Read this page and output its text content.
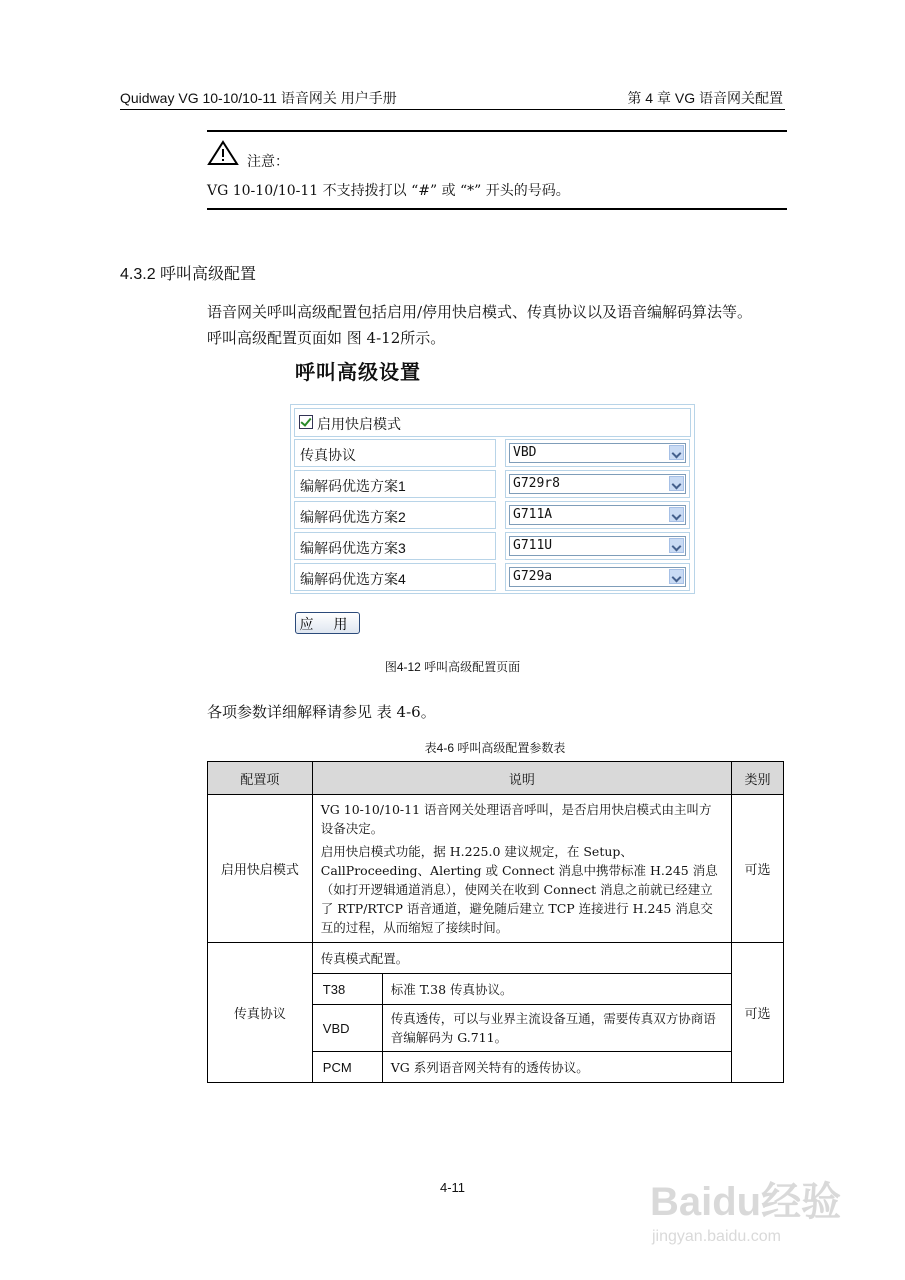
Quidway VG 10-10/10-11 语音网关 用户手册	第 4 章 VG 语音网关配置
注意：
VG 10-10/10-11 不支持拨打以 “#” 或 “*” 开头的号码。
4.3.2 呼叫高级配置
语音网关呼叫高级配置包括启用/停用快启模式、传真协议以及语音编解码算法等。
呼叫高级配置页面如 图 4-12所示。
呼叫高级设置
启用快启模式
传真协议	VBD
编解码优选方案1	G729r8
编解码优选方案2	G711A
编解码优选方案3	G711U
编解码优选方案4	G729a
应 用
图4-12 呼叫高级配置页面
各项参数详细解释请参见 表 4-6。
表4-6 呼叫高级配置参数表
配置项	说明		类别
启用快启模式	VG 10-10/10-11 语音网关处理语音呼叫，是否启用快启模式由主叫方设备决定。
启用快启模式功能，据 H.225.0 建议规定，在 Setup、CallProceeding、Alerting 或 Connect 消息中携带标准 H.245 消息（如打开逻辑通道消息），使网关在收到 Connect 消息之前就已经建立了 RTP/RTCP 语音通道，避免随后建立 TCP 连接进行 H.245 消息交互的过程，从而缩短了接续时间。		可选
传真协议	传真模式配置。		可选
	T38	标准 T.38 传真协议。	
	VBD	传真透传，可以与业界主流设备互通，需要传真双方协商语音编解码为 G.711。	
	PCM	VG 系列语音网关特有的透传协议。	
4-11	Baidu经验
jingyan.baidu.com
